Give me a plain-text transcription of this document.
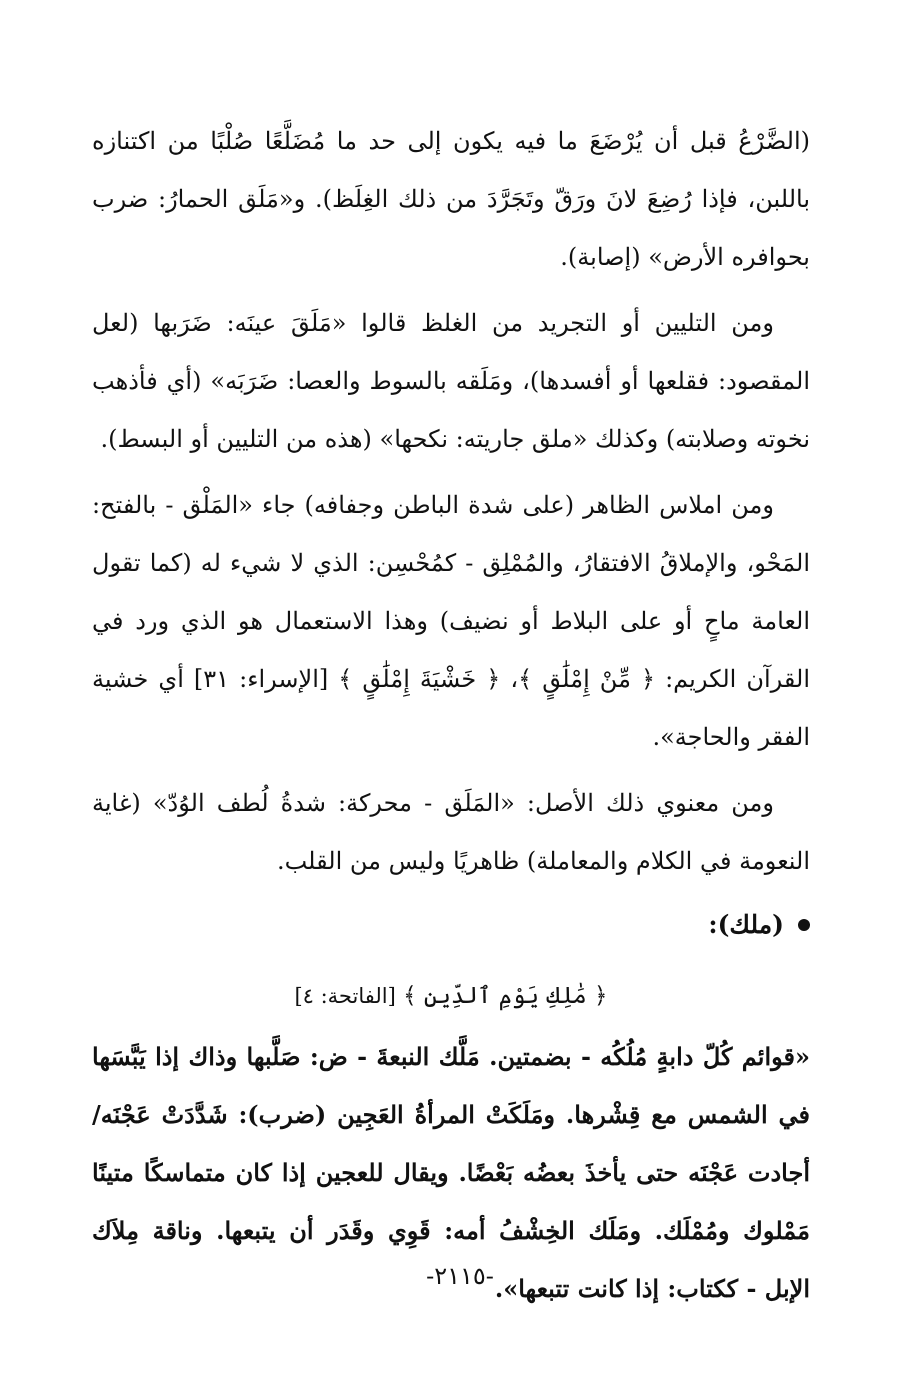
(الضَّرْعُ قبل أن يُرْضَعَ ما فيه يكون إلى حد ما مُضَلَّعًا صُلْبًا من اكتنازه باللبن، فإذا رُضِعَ لانَ ورَقّ وتَجَرَّدَ من ذلك الغِلَظ). و«مَلَق الحمارُ: ضرب بحوافره الأرض» (إصابة).

ومن التليين أو التجريد من الغلظ قالوا «مَلَقَ عينَه: ضَرَبها (لعل المقصود: فقلعها أو أفسدها)، ومَلَقه بالسوط والعصا: ضَرَبَه» (أي فأذهب نخوته وصلابته) وكذلك «ملق جاريته: نكحها» (هذه من التليين أو البسط).

ومن املاس الظاهر (على شدة الباطن وجفافه) جاء «المَلْق - بالفتح: المَحْو، والإملاقُ الافتقارُ، والمُمْلِق - كمُحْسِن: الذي لا شيء له (كما تقول العامة ماحٍ أو على البلاط أو نضيف) وهذا الاستعمال هو الذي ورد في القرآن الكريم: ﴿ مِّنْ إِمْلَٰقٍ ﴾، ﴿ خَشْيَةَ إِمْلَٰقٍ ﴾ [الإسراء: ٣١] أي خشية الفقر والحاجة».

ومن معنوي ذلك الأصل: «المَلَق - محركة: شدةُ لُطف الوُدّ» (غاية النعومة في الكلام والمعاملة) ظاهريًا وليس من القلب.

(ملك):
﴿ مَٰلِكِ يَوْمِ ٱلدِّينِ ﴾ [الفاتحة: ٤]

«قوائم كُلّ دابةٍ مُلُكُه - بضمتين. مَلَّك النبعةَ - ض: صَلَّبها وذاك إذا يَبَّسَها في الشمس مع قِشْرها. ومَلَكَتْ المرأةُ العَجِين (ضرب): شَدَّدَتْ عَجْنَه/ أجادت عَجْنَه حتى يأخذَ بعضُه بَعْضًا. ويقال للعجين إذا كان متماسكًا متينًا مَمْلوك ومُمْلَك. ومَلَك الخِشْفُ أمه: قَوِي وقَدَر أن يتبعها. وناقة مِلاَك الإبل - ككتاب: إذا كانت تتبعها».

-٢١١٥-
